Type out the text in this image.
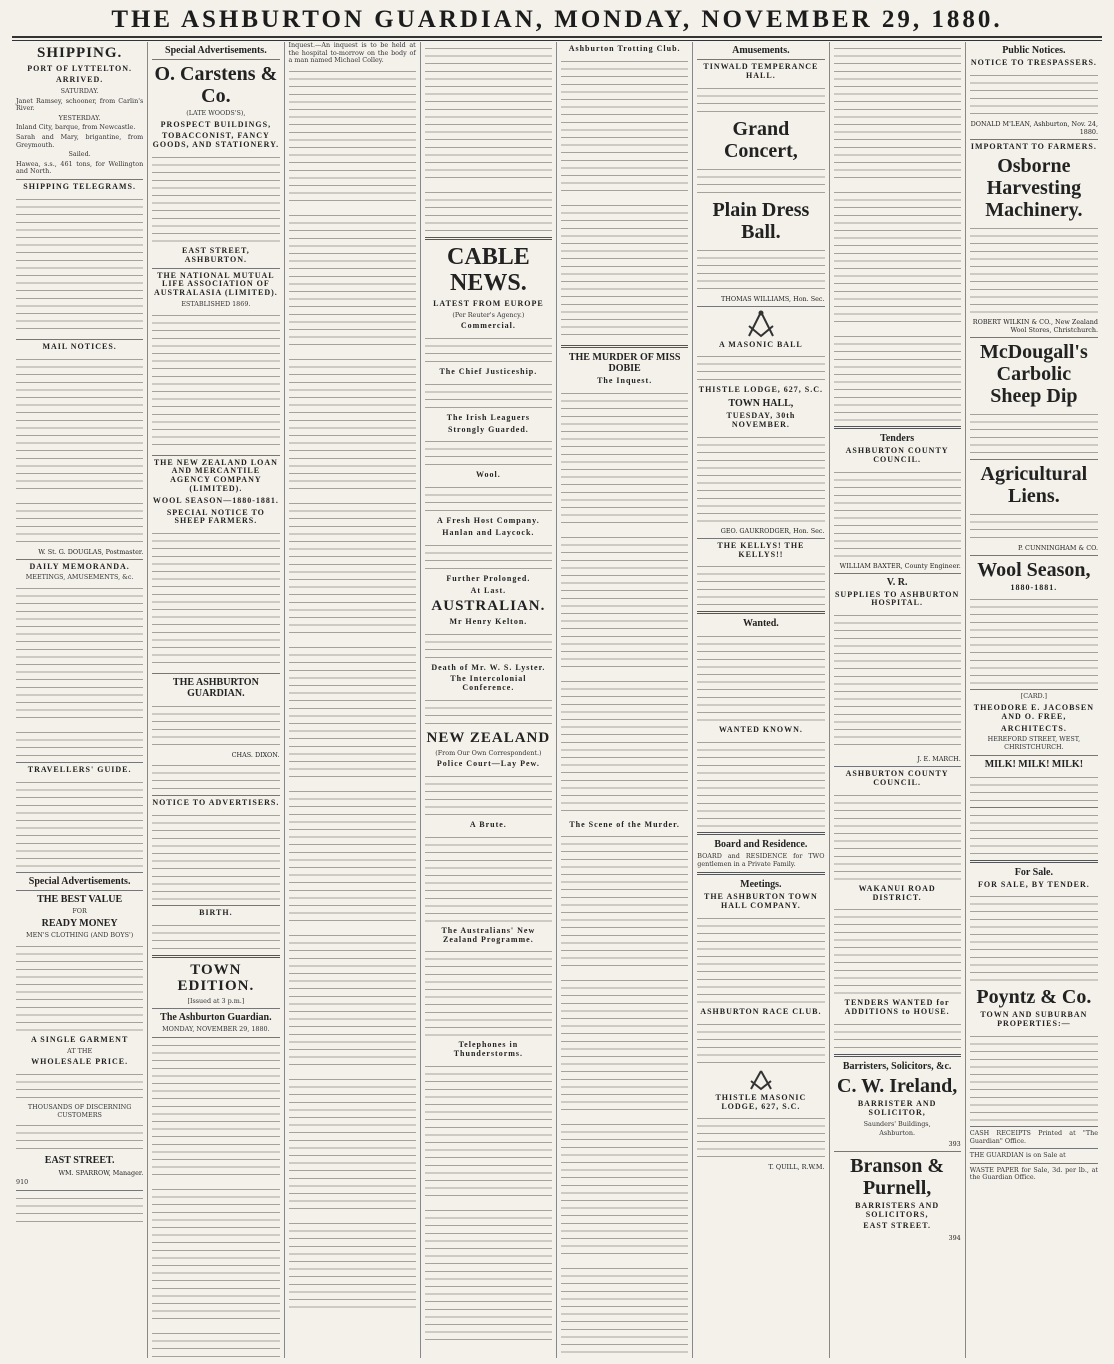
THE ASHBURTON GUARDIAN, MONDAY, NOVEMBER 29, 1880.
SHIPPING.
PORT OF LYTTELTON.
ARRIVED.
SATURDAY.
Janet Ramsey, schooner, from Carlin's River.
YESTERDAY.
Inland City, barque, from Newcastle.
Sarah and Mary, brigantine, from Greymouth.
Sailed.
Hawea, s.s., 461 tons, for Wellington and North.
SHIPPING TELEGRAMS.
MAIL NOTICES.
W. St. G. DOUGLAS, Postmaster.
DAILY MEMORANDA.
MEETINGS, AMUSEMENTS, &c.
TRAVELLERS' GUIDE.
Special Advertisements.
THE BEST VALUE
FOR
READY MONEY
MEN'S CLOTHING (AND BOYS')
A SINGLE GARMENT
AT THE
WHOLESALE PRICE.
THOUSANDS OF DISCERNING CUSTOMERS
EAST STREET.
WM. SPARROW, Manager.
910
Special Advertisements.
O. Carstens & Co.
(LATE WOODS'S),
PROSPECT BUILDINGS,
TOBACCONIST, FANCY GOODS, AND STATIONERY.
EAST STREET, ASHBURTON.
THE NATIONAL MUTUAL LIFE ASSOCIATION OF AUSTRALASIA (LIMITED).
ESTABLISHED 1869.
THE NEW ZEALAND LOAN AND MERCANTILE AGENCY COMPANY (LIMITED).
WOOL SEASON—1880-1881.
SPECIAL NOTICE TO SHEEP FARMERS.
THE ASHBURTON GUARDIAN.
CHAS. DIXON.
NOTICE TO ADVERTISERS.
BIRTH.
TOWN EDITION.
[Issued at 3 p.m.]
The Ashburton Guardian.
MONDAY, NOVEMBER 29, 1880.
Inquest.—An inquest is to be held at the hospital to-morrow on the body of a man named Michael Colley.
CABLE NEWS.
LATEST FROM EUROPE
(Per Reuter's Agency.)
Commercial.
The Chief Justiceship.
The Irish Leaguers
Strongly Guarded.
Wool.
A Fresh Host Company.
Hanlan and Laycock.
Further Prolonged.
At Last.
AUSTRALIAN.
Mr Henry Kelton.
Death of Mr. W. S. Lyster.
The Intercolonial Conference.
NEW ZEALAND
(From Our Own Correspondent.)
Police Court—Lay Pew.
A Brute.
The Australians' New Zealand Programme.
Telephones in Thunderstorms.
Ashburton Trotting Club.
THE MURDER OF MISS DOBIE
The Inquest.
The Scene of the Murder.
Amusements.
TINWALD TEMPERANCE HALL.
Grand Concert,
Plain Dress Ball.
THOMAS WILLIAMS, Hon. Sec.
A MASONIC BALL
THISTLE LODGE, 627, S.C.
TOWN HALL,
TUESDAY, 30th NOVEMBER.
GEO. GAUKRODGER, Hon. Sec.
THE KELLYS! THE KELLYS!!
Wanted.
WANTED KNOWN.
Board and Residence.
BOARD and RESIDENCE for TWO gentlemen in a Private Family.
Meetings.
THE ASHBURTON TOWN HALL COMPANY.
ASHBURTON RACE CLUB.
THISTLE MASONIC LODGE, 627, S.C.
T. QUILL, R.W.M.
Tenders
ASHBURTON COUNTY COUNCIL.
WILLIAM BAXTER, County Engineer.
V. R.
SUPPLIES TO ASHBURTON HOSPITAL.
J. E. MARCH.
ASHBURTON COUNTY COUNCIL.
WAKANUI ROAD DISTRICT.
TENDERS WANTED for ADDITIONS to HOUSE.
Barristers, Solicitors, &c.
C. W. Ireland,
BARRISTER AND SOLICITOR,
Saunders' Buildings,
Ashburton.
393
Branson & Purnell,
BARRISTERS AND SOLICITORS,
EAST STREET.
394
Public Notices.
NOTICE TO TRESPASSERS.
DONALD M'LEAN, Ashburton, Nov. 24, 1880.
IMPORTANT TO FARMERS.
Osborne Harvesting Machinery.
ROBERT WILKIN & CO., New Zealand Wool Stores, Christchurch.
McDougall's Carbolic Sheep Dip
Agricultural Liens.
P. CUNNINGHAM & CO.
Wool Season,
1880-1881.
[CARD.]
THEODORE E. JACOBSEN AND O. FREE,
ARCHITECTS.
HEREFORD STREET, WEST, CHRISTCHURCH.
MILK! MILK! MILK!
For Sale.
FOR SALE, BY TENDER.
Poyntz & Co.
TOWN AND SUBURBAN PROPERTIES:—
CASH RECEIPTS Printed at "The Guardian" Office.
THE GUARDIAN is on Sale at
WASTE PAPER for Sale, 3d. per lb., at the Guardian Office.
